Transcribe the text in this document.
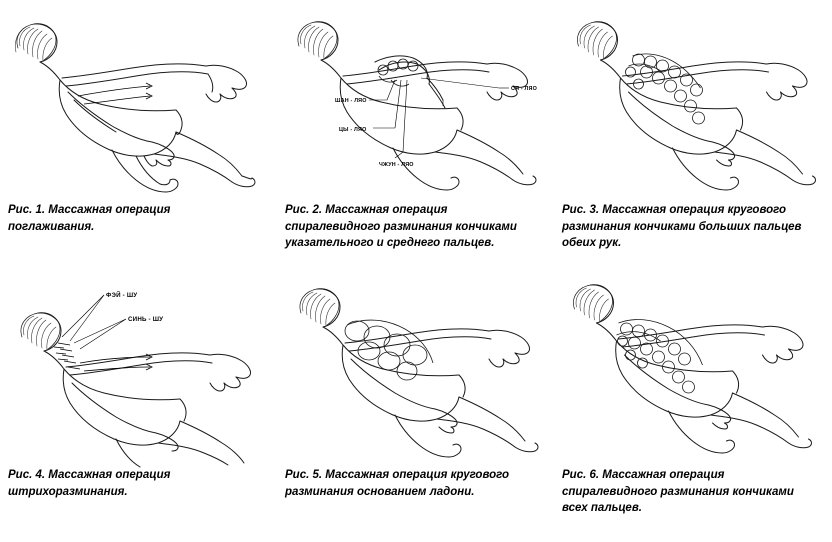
Рис. 1. Массажная операция
поглаживания.
ШАН - ЛЯО
ЦЫ - ЛЯО
ЧЖУН - ЛЯО
СЯ - ЛЯО
Рис. 2. Массажная операция
спиралевидного разминания кончиками
указательного и среднего пальцев.
Рис. 3. Массажная операция кругового
разминания кончиками больших пальцев
обеих рук.
ФЭЙ - ШУ
СИНЬ - ШУ
Рис. 4. Массажная операция
штрихоразминания.
Рис. 5. Массажная операция кругового
разминания основанием ладони.
Рис. 6. Массажная операция
спиралевидного разминания кончиками
всех пальцев.
